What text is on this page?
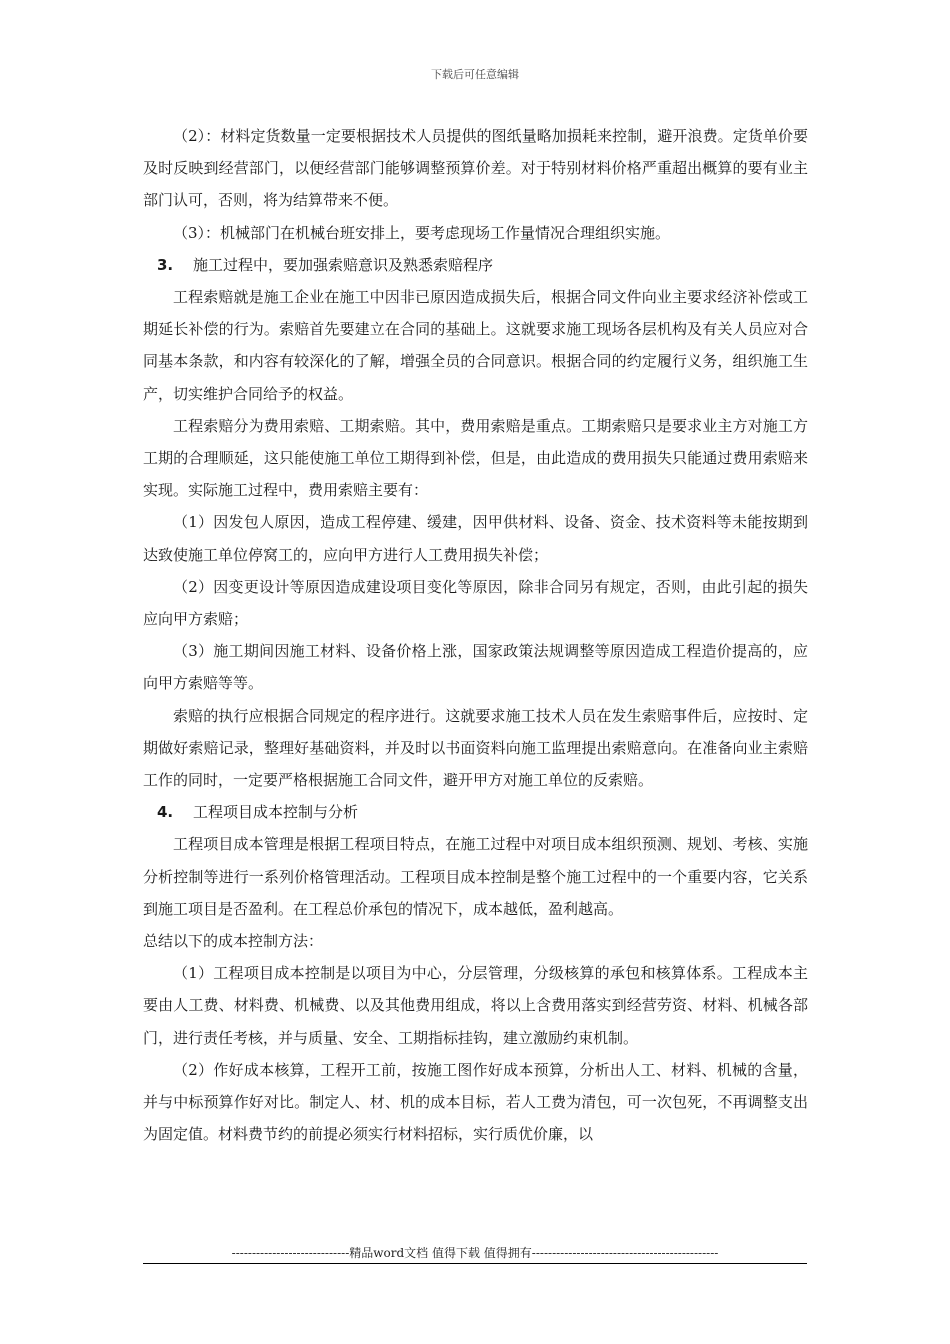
下载后可任意编辑

（2）：材料定货数量一定要根据技术人员提供的图纸量略加损耗来控制，避开浪费。定货单价要及时反映到经营部门，以便经营部门能够调整预算价差。对于特别材料价格严重超出概算的要有业主部门认可，否则，将为结算带来不便。

（3）：机械部门在机械台班安排上，要考虑现场工作量情况合理组织实施。

3. 施工过程中，要加强索赔意识及熟悉索赔程序

工程索赔就是施工企业在施工中因非已原因造成损失后，根据合同文件向业主要求经济补偿或工期延长补偿的行为。索赔首先要建立在合同的基础上。这就要求施工现场各层机构及有关人员应对合同基本条款，和内容有较深化的了解，增强全员的合同意识。根据合同的约定履行义务，组织施工生产，切实维护合同给予的权益。

工程索赔分为费用索赔、工期索赔。其中，费用索赔是重点。工期索赔只是要求业主方对施工方工期的合理顺延，这只能使施工单位工期得到补偿，但是，由此造成的费用损失只能通过费用索赔来实现。实际施工过程中，费用索赔主要有：

（1）因发包人原因，造成工程停建、缓建，因甲供材料、设备、资金、技术资料等未能按期到达致使施工单位停窝工的，应向甲方进行人工费用损失补偿；

（2）因变更设计等原因造成建设项目变化等原因，除非合同另有规定，否则，由此引起的损失应向甲方索赔；

（3）施工期间因施工材料、设备价格上涨，国家政策法规调整等原因造成工程造价提高的，应向甲方索赔等等。

索赔的执行应根据合同规定的程序进行。这就要求施工技术人员在发生索赔事件后，应按时、定期做好索赔记录，整理好基础资料，并及时以书面资料向施工监理提出索赔意向。在准备向业主索赔工作的同时，一定要严格根据施工合同文件，避开甲方对施工单位的反索赔。

4. 工程项目成本控制与分析

工程项目成本管理是根据工程项目特点，在施工过程中对项目成本组织预测、规划、考核、实施分析控制等进行一系列价格管理活动。工程项目成本控制是整个施工过程中的一个重要内容，它关系到施工项目是否盈利。在工程总价承包的情况下，成本越低，盈利越高。

总结以下的成本控制方法：

（1）工程项目成本控制是以项目为中心，分层管理，分级核算的承包和核算体系。工程成本主要由人工费、材料费、机械费、以及其他费用组成，将以上含费用落实到经营劳资、材料、机械各部门，进行责任考核，并与质量、安全、工期指标挂钩，建立激励约束机制。

（2）作好成本核算，工程开工前，按施工图作好成本预算，分析出人工、材料、机械的含量，并与中标预算作好对比。制定人、材、机的成本目标，若人工费为清包，可一次包死，不再调整支出为固定值。材料费节约的前提必须实行材料招标，实行质优价廉，以

-----------------------------精品word文档 值得下载 值得拥有----------------------------------------------
